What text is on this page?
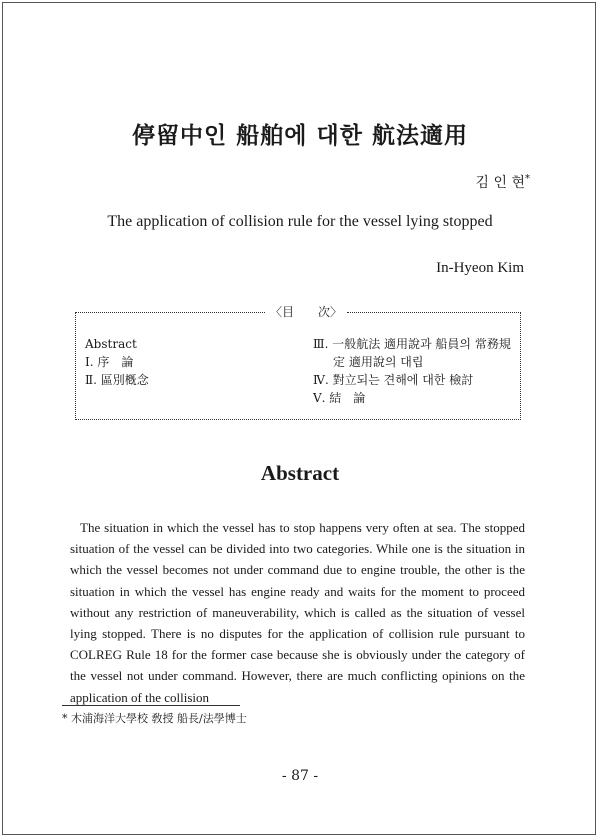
停留中인 船舶에 대한 航法適用
김 인 현*
The application of collision rule for the vessel lying stopped
In-Hyeon Kim
〈目　　次〉
Abstract
Ⅰ. 序　論
Ⅱ. 區別槪念
Ⅲ. 一般航法 適用說과 船員의 常務規
定 適用說의 대립
Ⅳ. 對立되는 견해에 대한 檢討
Ⅴ. 結　論
Abstract

The situation in which the vessel has to stop happens very often at sea. The stopped situation of the vessel can be divided into two categories. While one is the situation in which the vessel becomes not under command due to engine trouble, the other is the situation in which the vessel has engine ready and waits for the moment to proceed without any restriction of maneuverability, which is called as the situation of vessel lying stopped. There is no disputes for the application of collision rule pursuant to COLREG Rule 18 for the former case because she is obviously under the category of the vessel not under command. However, there are much conflicting opinions on the application of the collision

* 木浦海洋大學校 敎授 船長/法學博士
- 87 -
